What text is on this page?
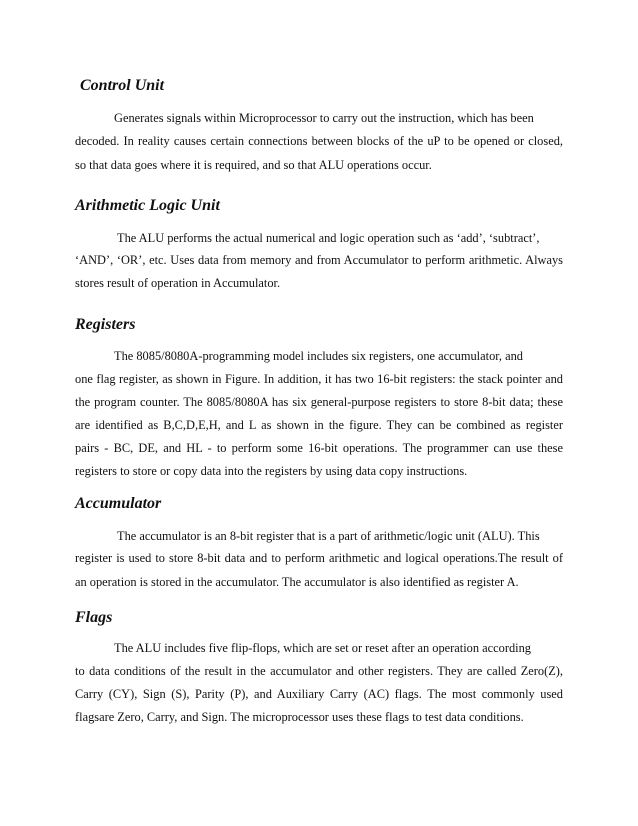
Control Unit

Generates signals within Microprocessor to carry out the instruction, which has been

decoded. In reality causes certain connections between blocks of the uP to be opened or closed,

so that data goes where it is required, and so that ALU operations occur.

Arithmetic Logic Unit

The ALU performs the actual numerical and logic operation such as ‘add’, ‘subtract’,

‘AND’, ‘OR’, etc. Uses data from memory and from Accumulator to perform arithmetic. Always

stores result of operation in Accumulator.

Registers

The 8085/8080A-programming model includes six registers, one accumulator, and

one flag register, as shown in Figure. In addition, it has two 16-bit registers: the stack pointer and

the program counter. The 8085/8080A has six general-purpose registers to store 8-bit data; these

are identified as B,C,D,E,H, and L as shown in the figure. They can be combined as register

pairs - BC, DE, and HL - to perform some 16-bit operations. The programmer can use these

registers to store or copy data into the registers by using data copy instructions.

Accumulator

The accumulator is an 8-bit register that is a part of arithmetic/logic unit (ALU). This

register is used to store 8-bit data and to perform arithmetic and logical operations.The result of

an operation is stored in the accumulator. The accumulator is also identified as register A.

Flags

The ALU includes five flip-flops, which are set or reset after an operation according

to data conditions of the result in the accumulator and other registers. They are called Zero(Z),

Carry (CY), Sign (S), Parity (P), and Auxiliary Carry (AC) flags. The most commonly used

flagsare Zero, Carry, and Sign. The microprocessor uses these flags to test data conditions.
